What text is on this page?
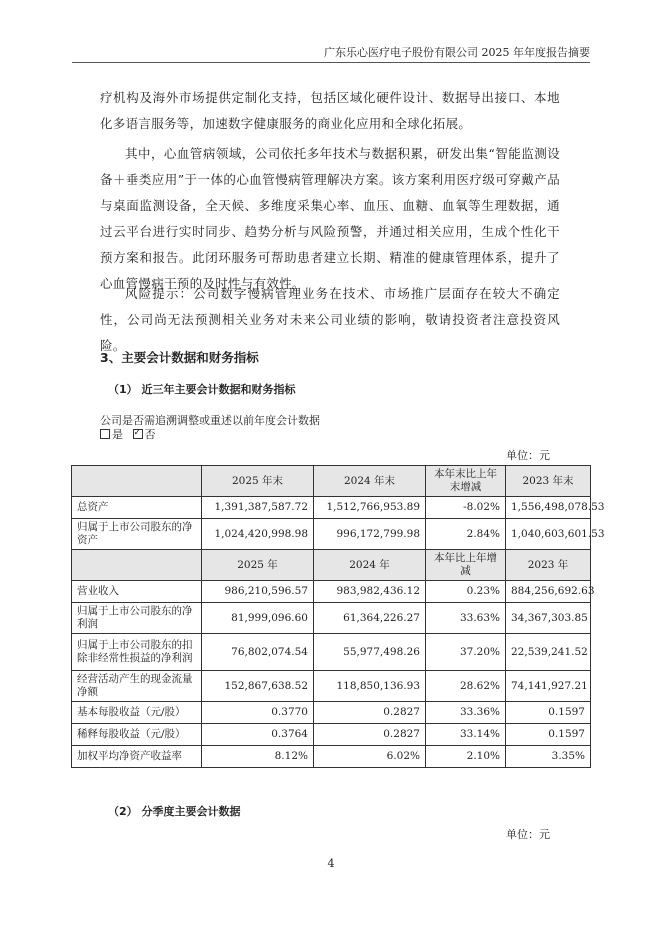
广东乐心医疗电子股份有限公司 2025 年年度报告摘要
疗机构及海外市场提供定制化支持，包括区域化硬件设计、数据导出接口、本地化多语言服务等，加速数字健康服务的商业化应用和全球化拓展。
其中，心血管病领域，公司依托多年技术与数据积累，研发出集“智能监测设备＋垂类应用”于一体的心血管慢病管理解决方案。该方案利用医疗级可穿戴产品与桌面监测设备，全天候、多维度采集心率、血压、血糖、血氧等生理数据，通过云平台进行实时同步、趋势分析与风险预警，并通过相关应用，生成个性化干预方案和报告。此闭环服务可帮助患者建立长期、精准的健康管理体系，提升了心血管慢病干预的及时性与有效性。
风险提示：公司数字慢病管理业务在技术、市场推广层面存在较大不确定性，公司尚无法预测相关业务对未来公司业绩的影响，敬请投资者注意投资风险。
3、主要会计数据和财务指标
（1） 近三年主要会计数据和财务指标
公司是否需追溯调整或重述以前年度会计数据
是 ✓ 否
单位：元
	2025 年末	2024 年末	本年末比上年末增减	2023 年末
总资产	1,391,387,587.72	1,512,766,953.89	-8.02%	1,556,498,078.53
归属于上市公司股东的净资产	1,024,420,998.98	996,172,799.98	2.84%	1,040,603,601.53
	2025 年	2024 年	本年比上年增减	2023 年
营业收入	986,210,596.57	983,982,436.12	0.23%	884,256,692.63
归属于上市公司股东的净利润	81,999,096.60	61,364,226.27	33.63%	34,367,303.85
归属于上市公司股东的扣除非经常性损益的净利润	76,802,074.54	55,977,498.26	37.20%	22,539,241.52
经营活动产生的现金流量净额	152,867,638.52	118,850,136.93	28.62%	74,141,927.21
基本每股收益（元/股）	0.3770	0.2827	33.36%	0.1597
稀释每股收益（元/股）	0.3764	0.2827	33.14%	0.1597
加权平均净资产收益率	8.12%	6.02%	2.10%	3.35%
（2） 分季度主要会计数据
单位：元
4
